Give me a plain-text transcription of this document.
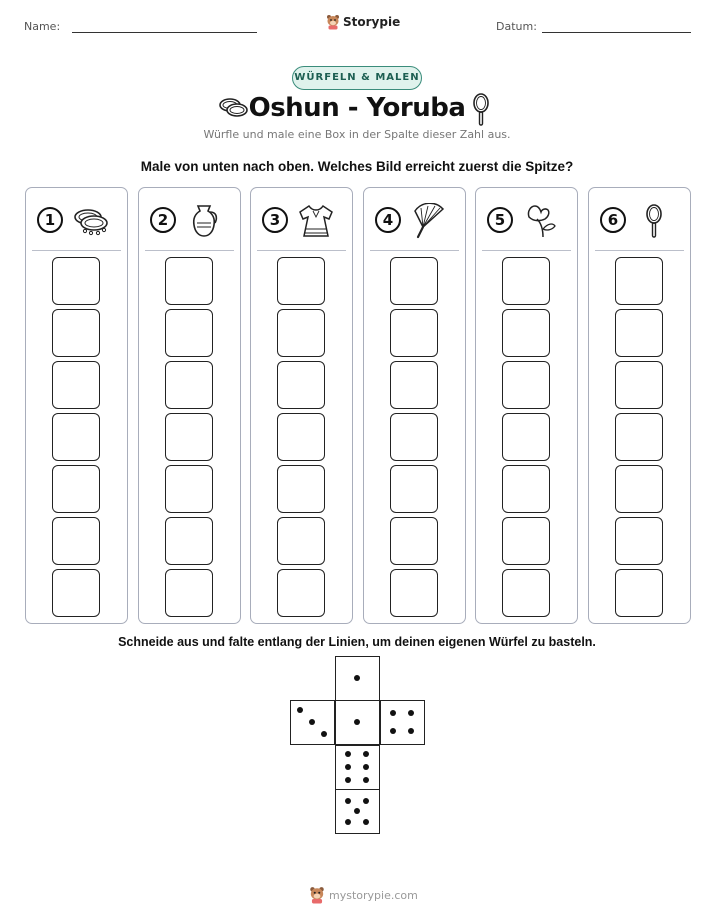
Name:	Storypie	Datum:
WÜRFELN & MALEN
Oshun - Yoruba
Würfle und male eine Box in der Spalte dieser Zahl aus.
Male von unten nach oben. Welches Bild erreicht zuerst die Spitze?
1	2	3	4	5	6
Schneide aus und falte entlang der Linien, um deinen eigenen Würfel zu basteln.
mystorypie.com
